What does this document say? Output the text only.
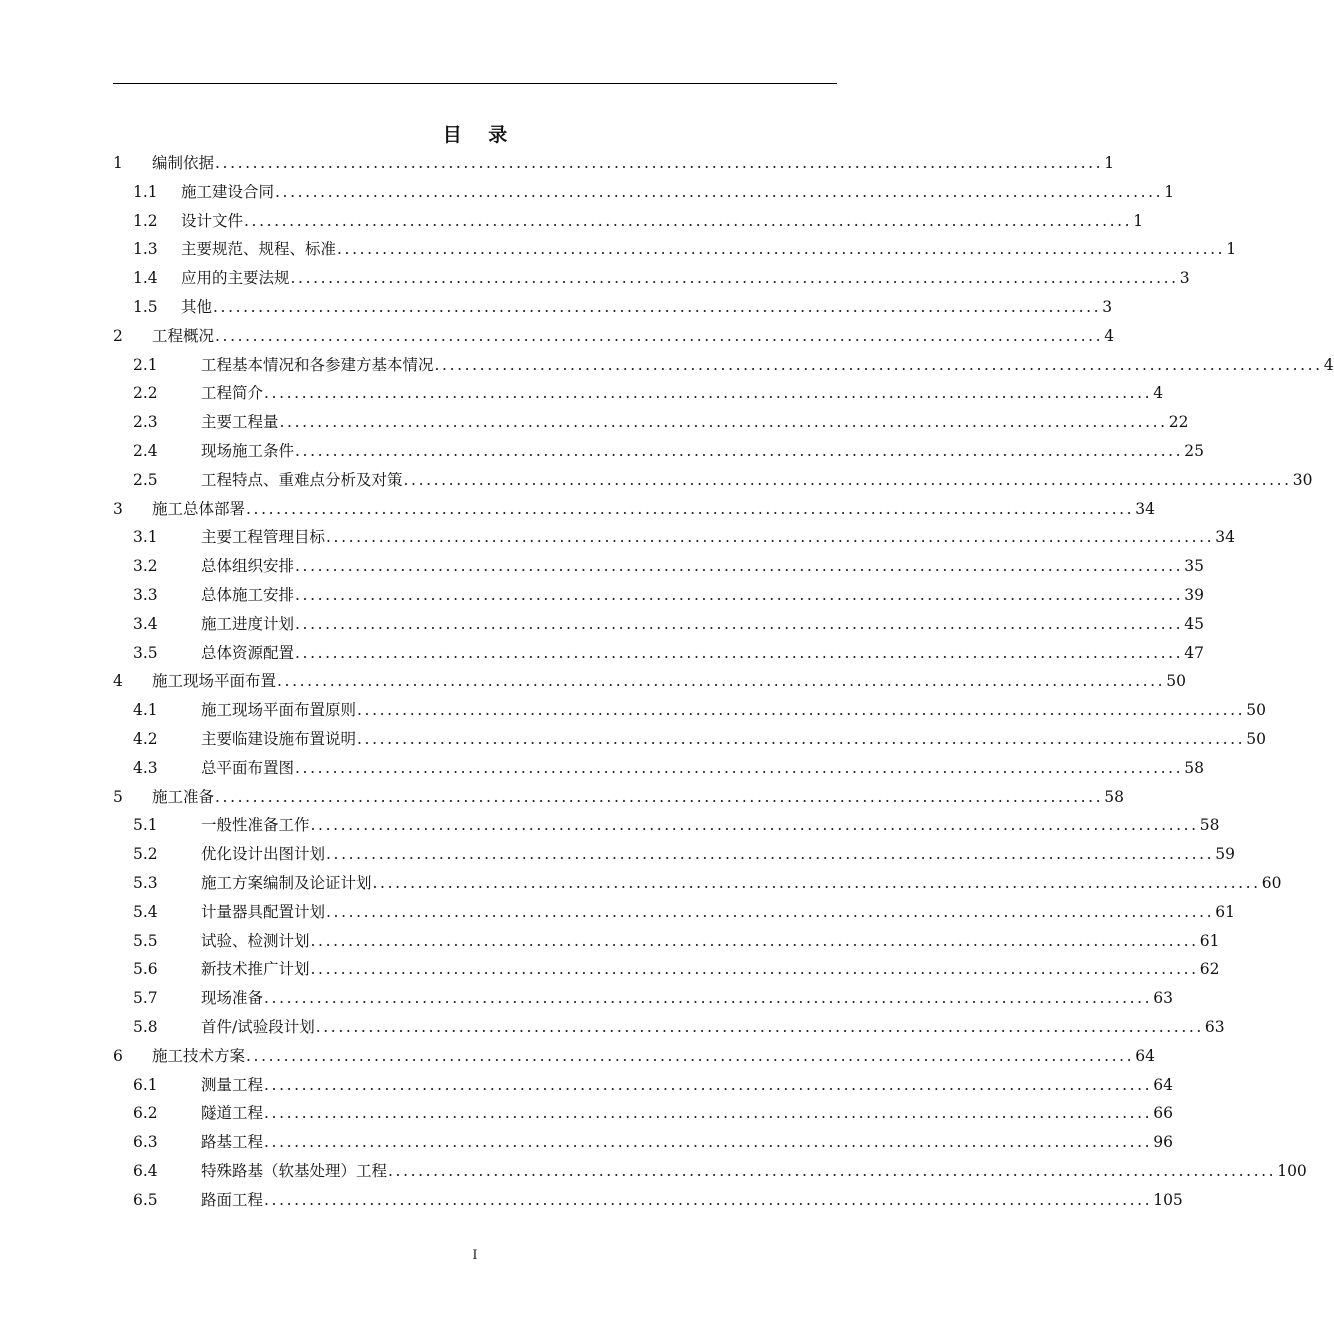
目 录
1	编制依据 ...................................................................................................................... 1
1.1	施工建设合同 ...................................................................................................................... 1
1.2	设计文件 ...................................................................................................................... 1
1.3	主要规范、规程、标准 ...................................................................................................................... 1
1.4	应用的主要法规 ...................................................................................................................... 3
1.5	其他 ...................................................................................................................... 3
2	工程概况 ...................................................................................................................... 4
2.1	工程基本情况和各参建方基本情况 ...................................................................................................................... 4
2.2	工程简介 ...................................................................................................................... 4
2.3	主要工程量 ...................................................................................................................... 22
2.4	现场施工条件 ...................................................................................................................... 25
2.5	工程特点、重难点分析及对策 ...................................................................................................................... 30
3	施工总体部署 ...................................................................................................................... 34
3.1	主要工程管理目标 ...................................................................................................................... 34
3.2	总体组织安排 ...................................................................................................................... 35
3.3	总体施工安排 ...................................................................................................................... 39
3.4	施工进度计划 ...................................................................................................................... 45
3.5	总体资源配置 ...................................................................................................................... 47
4	施工现场平面布置 ...................................................................................................................... 50
4.1	施工现场平面布置原则 ...................................................................................................................... 50
4.2	主要临建设施布置说明 ...................................................................................................................... 50
4.3	总平面布置图 ...................................................................................................................... 58
5	施工准备 ...................................................................................................................... 58
5.1	一般性准备工作 ...................................................................................................................... 58
5.2	优化设计出图计划 ...................................................................................................................... 59
5.3	施工方案编制及论证计划 ...................................................................................................................... 60
5.4	计量器具配置计划 ...................................................................................................................... 61
5.5	试验、检测计划 ...................................................................................................................... 61
5.6	新技术推广计划 ...................................................................................................................... 62
5.7	现场准备 ...................................................................................................................... 63
5.8	首件/试验段计划 ...................................................................................................................... 63
6	施工技术方案 ...................................................................................................................... 64
6.1	测量工程 ...................................................................................................................... 64
6.2	隧道工程 ...................................................................................................................... 66
6.3	路基工程 ...................................................................................................................... 96
6.4	特殊路基（软基处理）工程 ...................................................................................................................... 100
6.5	路面工程 ...................................................................................................................... 105
I
